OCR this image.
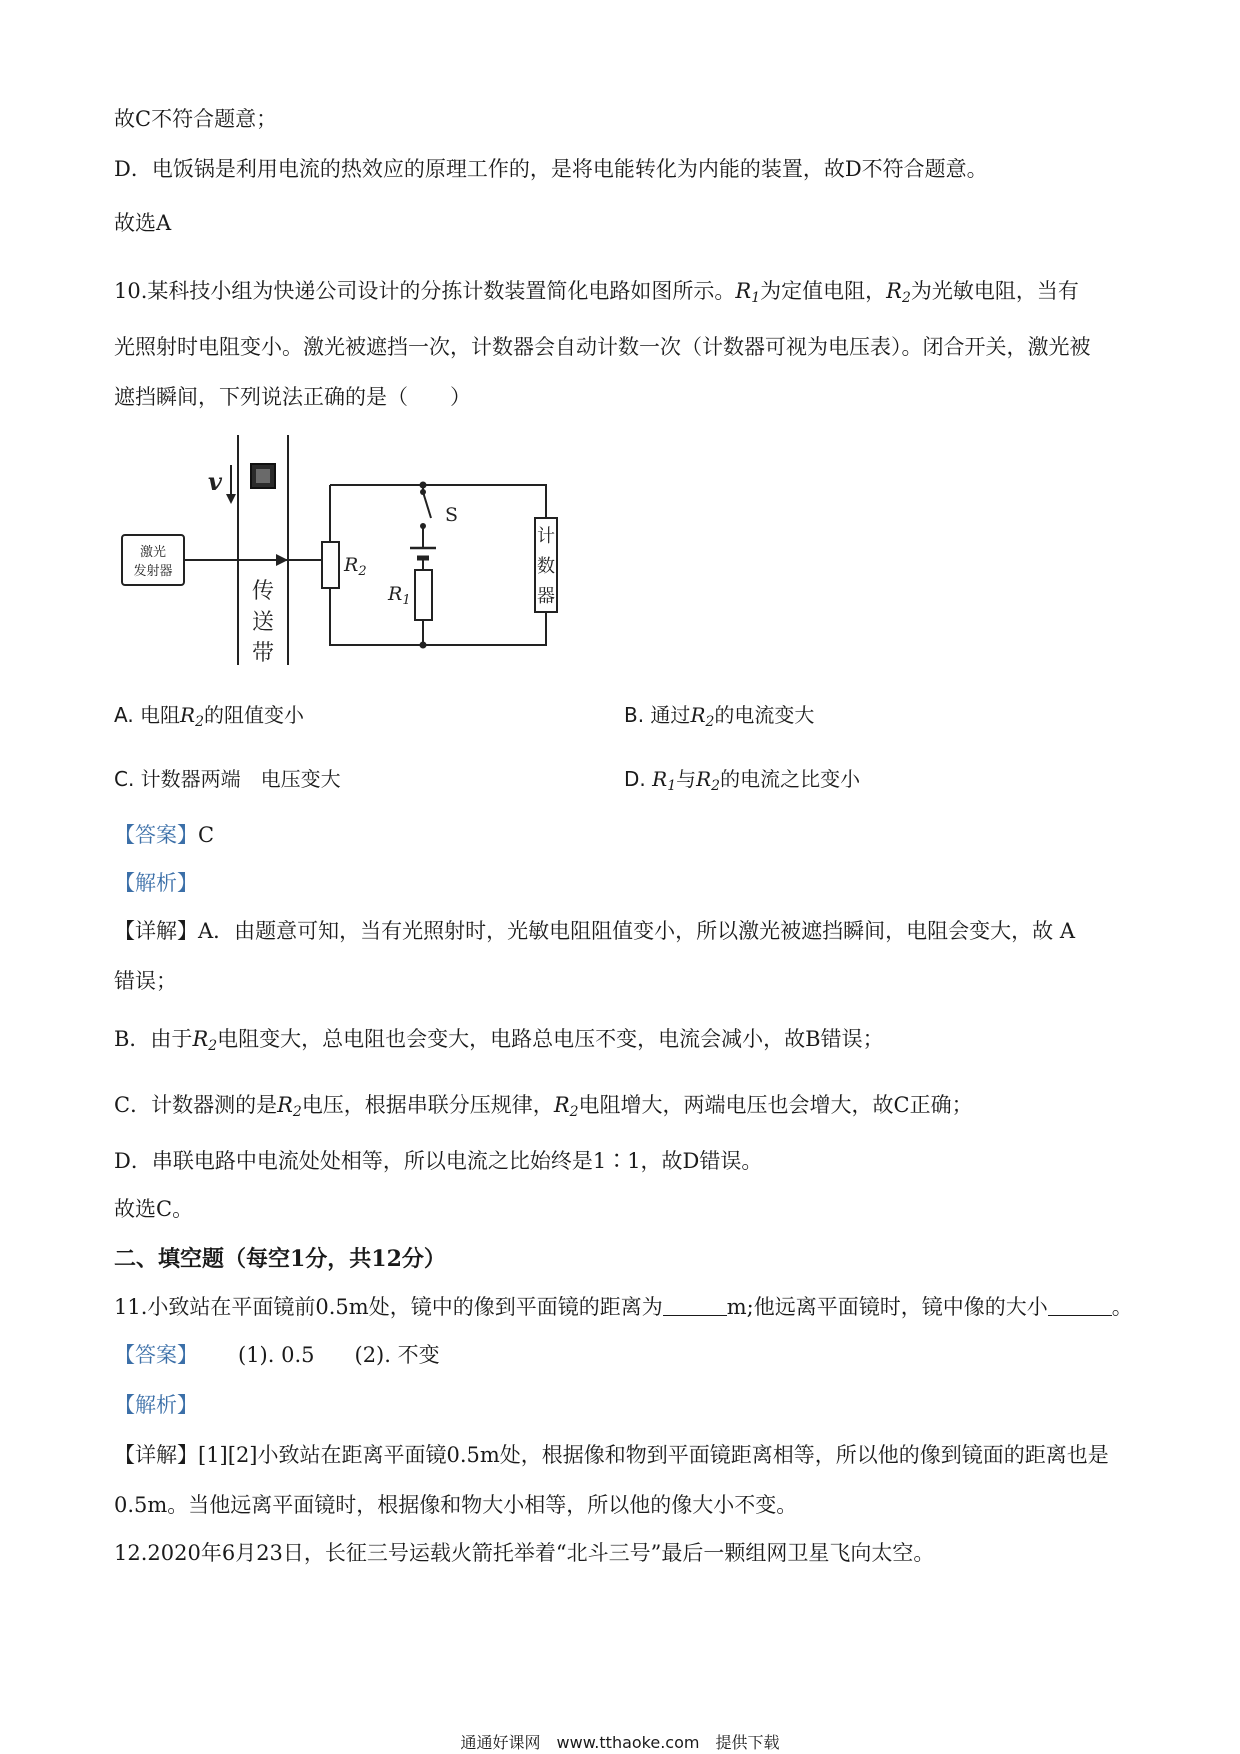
故C不符合题意；
D．电饭锅是利用电流的热效应的原理工作的，是将电能转化为内能的装置，故D不符合题意。
故选A
10.某科技小组为快递公司设计的分拣计数装置简化电路如图所示。$R_1$为定值电阻，$R_2$为光敏电阻，当有
光照射时电阻变小。激光被遮挡一次，计数器会自动计数一次（计数器可视为电压表）。闭合开关，激光被
遮挡瞬间，下列说法正确的是（　　）
v
激光
发射器
传
送
带
S
$R_2$
$R_1$
计
数
器
A. 电阻$R_2$的阻值变小	B. 通过$R_2$的电流变大
C. 计数器两端　电压变大	D. $R_1$与$R_2$的电流之比变小
【答案】C
【解析】
【详解】A．由题意可知，当有光照射时，光敏电阻阻值变小，所以激光被遮挡瞬间，电阻会变大，故 A
错误；
B．由于$R_2$电阻变大，总电阻也会变大，电路总电压不变，电流会减小，故B错误；
C．计数器测的是$R_2$电压，根据串联分压规律，$R_2$电阻增大，两端电压也会增大，故C正确；
D．串联电路中电流处处相等，所以电流之比始终是1∶1，故D错误。
故选C。
二、填空题（每空1分，共12分）
11.小致站在平面镜前0.5m处，镜中的像到平面镜的距离为	m;他远离平面镜时，镜中像的大小	。
【答案】 (1). 0.5 (2). 不变
【解析】
【详解】[1][2]小致站在距离平面镜0.5m处，根据像和物到平面镜距离相等，所以他的像到镜面的距离也是
0.5m。当他远离平面镜时，根据像和物大小相等，所以他的像大小不变。
12.2020年6月23日，长征三号运载火箭托举着“北斗三号”最后一颗组网卫星飞向太空。
通通好课网　www.tthaoke.com　提供下载
